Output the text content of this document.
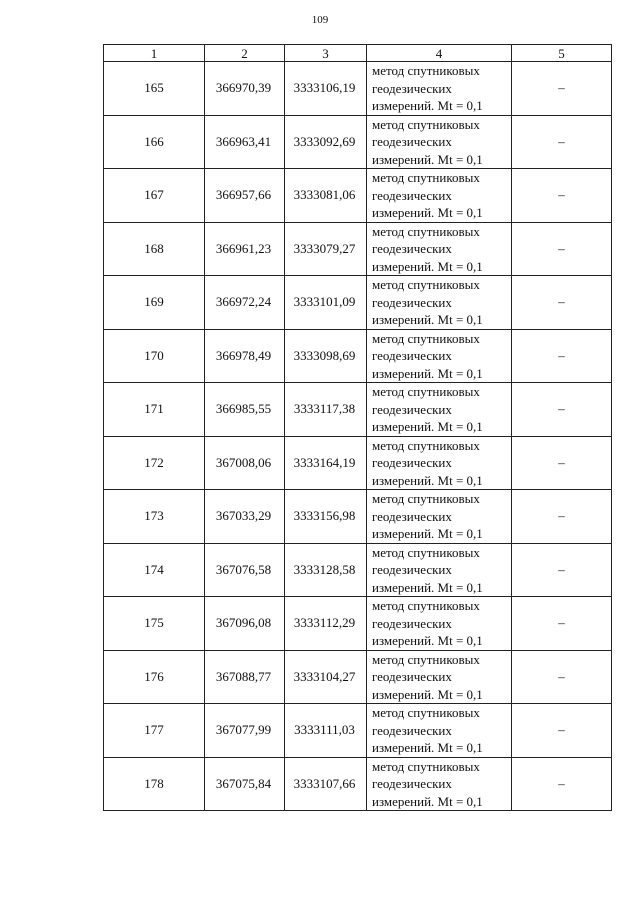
109
1	2	3	4	5
165	366970,39	3333106,19	метод спутниковых
геодезических
измерений. Mt = 0,1	–
166	366963,41	3333092,69	метод спутниковых
геодезических
измерений. Mt = 0,1	–
167	366957,66	3333081,06	метод спутниковых
геодезических
измерений. Mt = 0,1	–
168	366961,23	3333079,27	метод спутниковых
геодезических
измерений. Mt = 0,1	–
169	366972,24	3333101,09	метод спутниковых
геодезических
измерений. Mt = 0,1	–
170	366978,49	3333098,69	метод спутниковых
геодезических
измерений. Mt = 0,1	–
171	366985,55	3333117,38	метод спутниковых
геодезических
измерений. Mt = 0,1	–
172	367008,06	3333164,19	метод спутниковых
геодезических
измерений. Mt = 0,1	–
173	367033,29	3333156,98	метод спутниковых
геодезических
измерений. Mt = 0,1	–
174	367076,58	3333128,58	метод спутниковых
геодезических
измерений. Mt = 0,1	–
175	367096,08	3333112,29	метод спутниковых
геодезических
измерений. Mt = 0,1	–
176	367088,77	3333104,27	метод спутниковых
геодезических
измерений. Mt = 0,1	–
177	367077,99	3333111,03	метод спутниковых
геодезических
измерений. Mt = 0,1	–
178	367075,84	3333107,66	метод спутниковых
геодезических
измерений. Mt = 0,1	–
